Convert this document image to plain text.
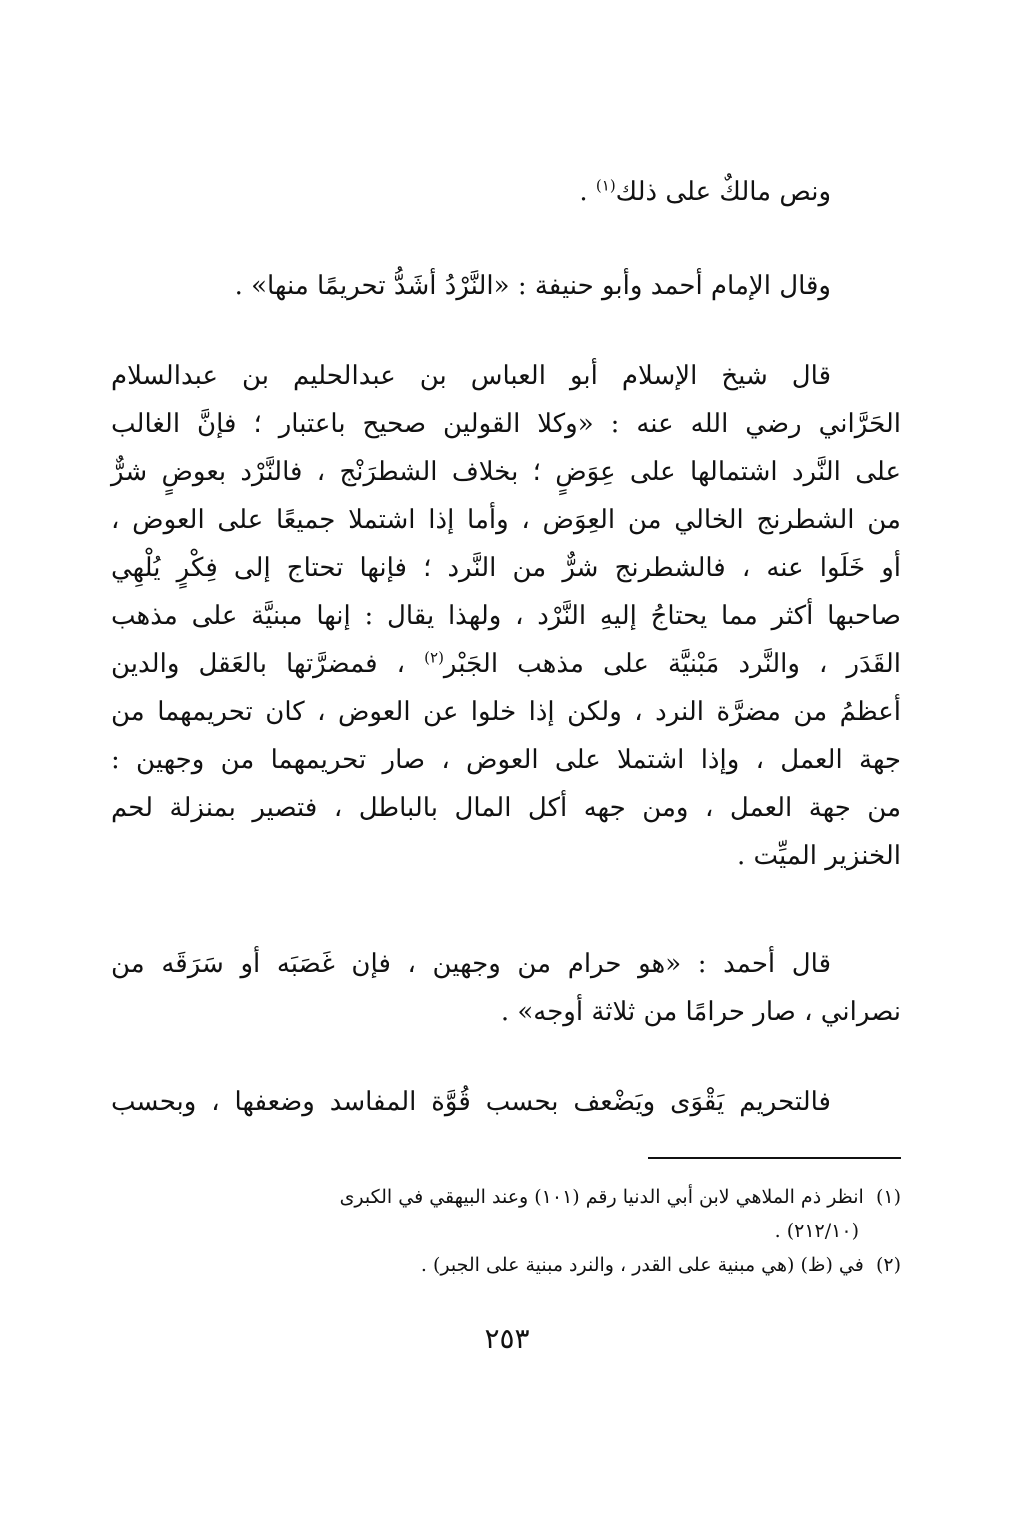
ونص مالكٌ على ذلك$^{(١)}$ .
وقال الإمام أحمد وأبو حنيفة : «النَّرْدُ أشَدُّ تحريمًا منها» .
قال شيخ الإسلام أبو العباس بن عبدالحليم بن عبدالسلام
الحَرَّاني رضي الله عنه : «وكلا القولين صحيح باعتبار ؛ فإنَّ الغالب
على النَّرد اشتمالها على عِوَضٍ ؛ بخلاف الشطرَنْج ، فالنَّرْد بعوضٍ شرٌّ
من الشطرنج الخالي من العِوَض ، وأما إذا اشتملا جميعًا على العوض ،
أو خَلَوا عنه ، فالشطرنج شرٌّ من النَّرد ؛ فإنها تحتاج إلى فِكْرٍ يُلْهِي
صاحبها أكثر مما يحتاجُ إليهِ النَّرْد ، ولهذا يقال : إنها مبنيَّة على مذهب
القَدَر ، والنَّرد مَبْنيَّة على مذهب الجَبْر$^{(٢)}$ ، فمضرَّتها بالعَقل والدين
أعظمُ من مضرَّة النرد ، ولكن إذا خلوا عن العوض ، كان تحريمهما من
جهة العمل ، وإذا اشتملا على العوض ، صار تحريمهما من وجهين :
من جهة العمل ، ومن جهه أكل المال بالباطل ، فتصير بمنزلة لحم
الخنزير الميِّت .
قال أحمد : «هو حرام من وجهين ، فإن غَصَبَه أو سَرَقَه من
نصراني ، صار حرامًا من ثلاثة أوجه» .
فالتحريم يَقْوَى ويَضْعف بحسب قُوَّة المفاسد وضعفها ، وبحسب
(١)  انظر ذم الملاهي لابن أبي الدنيا رقم (١٠١) وعند البيهقي في الكبرى
(٢١٢/١٠) .
(٢)  في (ظ) (هي مبنية على القدر ، والنرد مبنية على الجبر) .
٢٥٣
